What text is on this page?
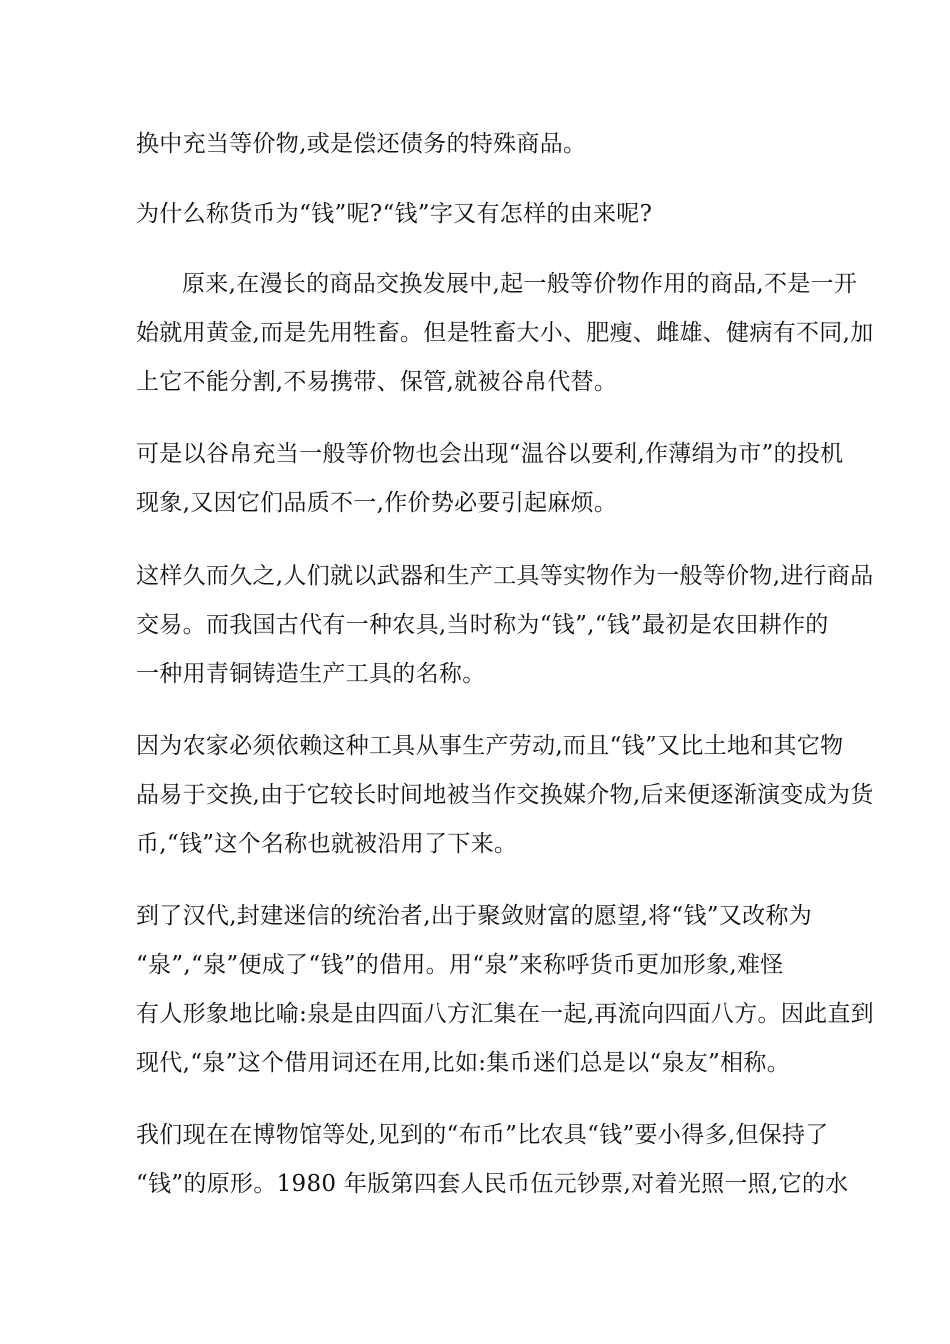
换中充当等价物,或是偿还债务的特殊商品。
为什么称货币为“钱”呢?“钱”字又有怎样的由来呢?
原来,在漫长的商品交换发展中,起一般等价物作用的商品,不是一开
始就用黄金,而是先用牲畜。但是牲畜大小、肥瘦、雌雄、健病有不同,加
上它不能分割,不易携带、保管,就被谷帛代替。
可是以谷帛充当一般等价物也会出现“温谷以要利,作薄绢为市”的投机
现象,又因它们品质不一,作价势必要引起麻烦。
这样久而久之,人们就以武器和生产工具等实物作为一般等价物,进行商品
交易。而我国古代有一种农具,当时称为“钱”,“钱”最初是农田耕作的
一种用青铜铸造生产工具的名称。
因为农家必须依赖这种工具从事生产劳动,而且“钱”又比土地和其它物
品易于交换,由于它较长时间地被当作交换媒介物,后来便逐渐演变成为货
币,“钱”这个名称也就被沿用了下来。
到了汉代,封建迷信的统治者,出于聚敛财富的愿望,将“钱”又改称为
“泉”,“泉”便成了“钱”的借用。用“泉”来称呼货币更加形象,难怪
有人形象地比喻:泉是由四面八方汇集在一起,再流向四面八方。因此直到
现代,“泉”这个借用词还在用,比如:集币迷们总是以“泉友”相称。
我们现在在博物馆等处,见到的“布币”比农具“钱”要小得多,但保持了
“钱”的原形。1980 年版第四套人民币伍元钞票,对着光照一照,它的水
